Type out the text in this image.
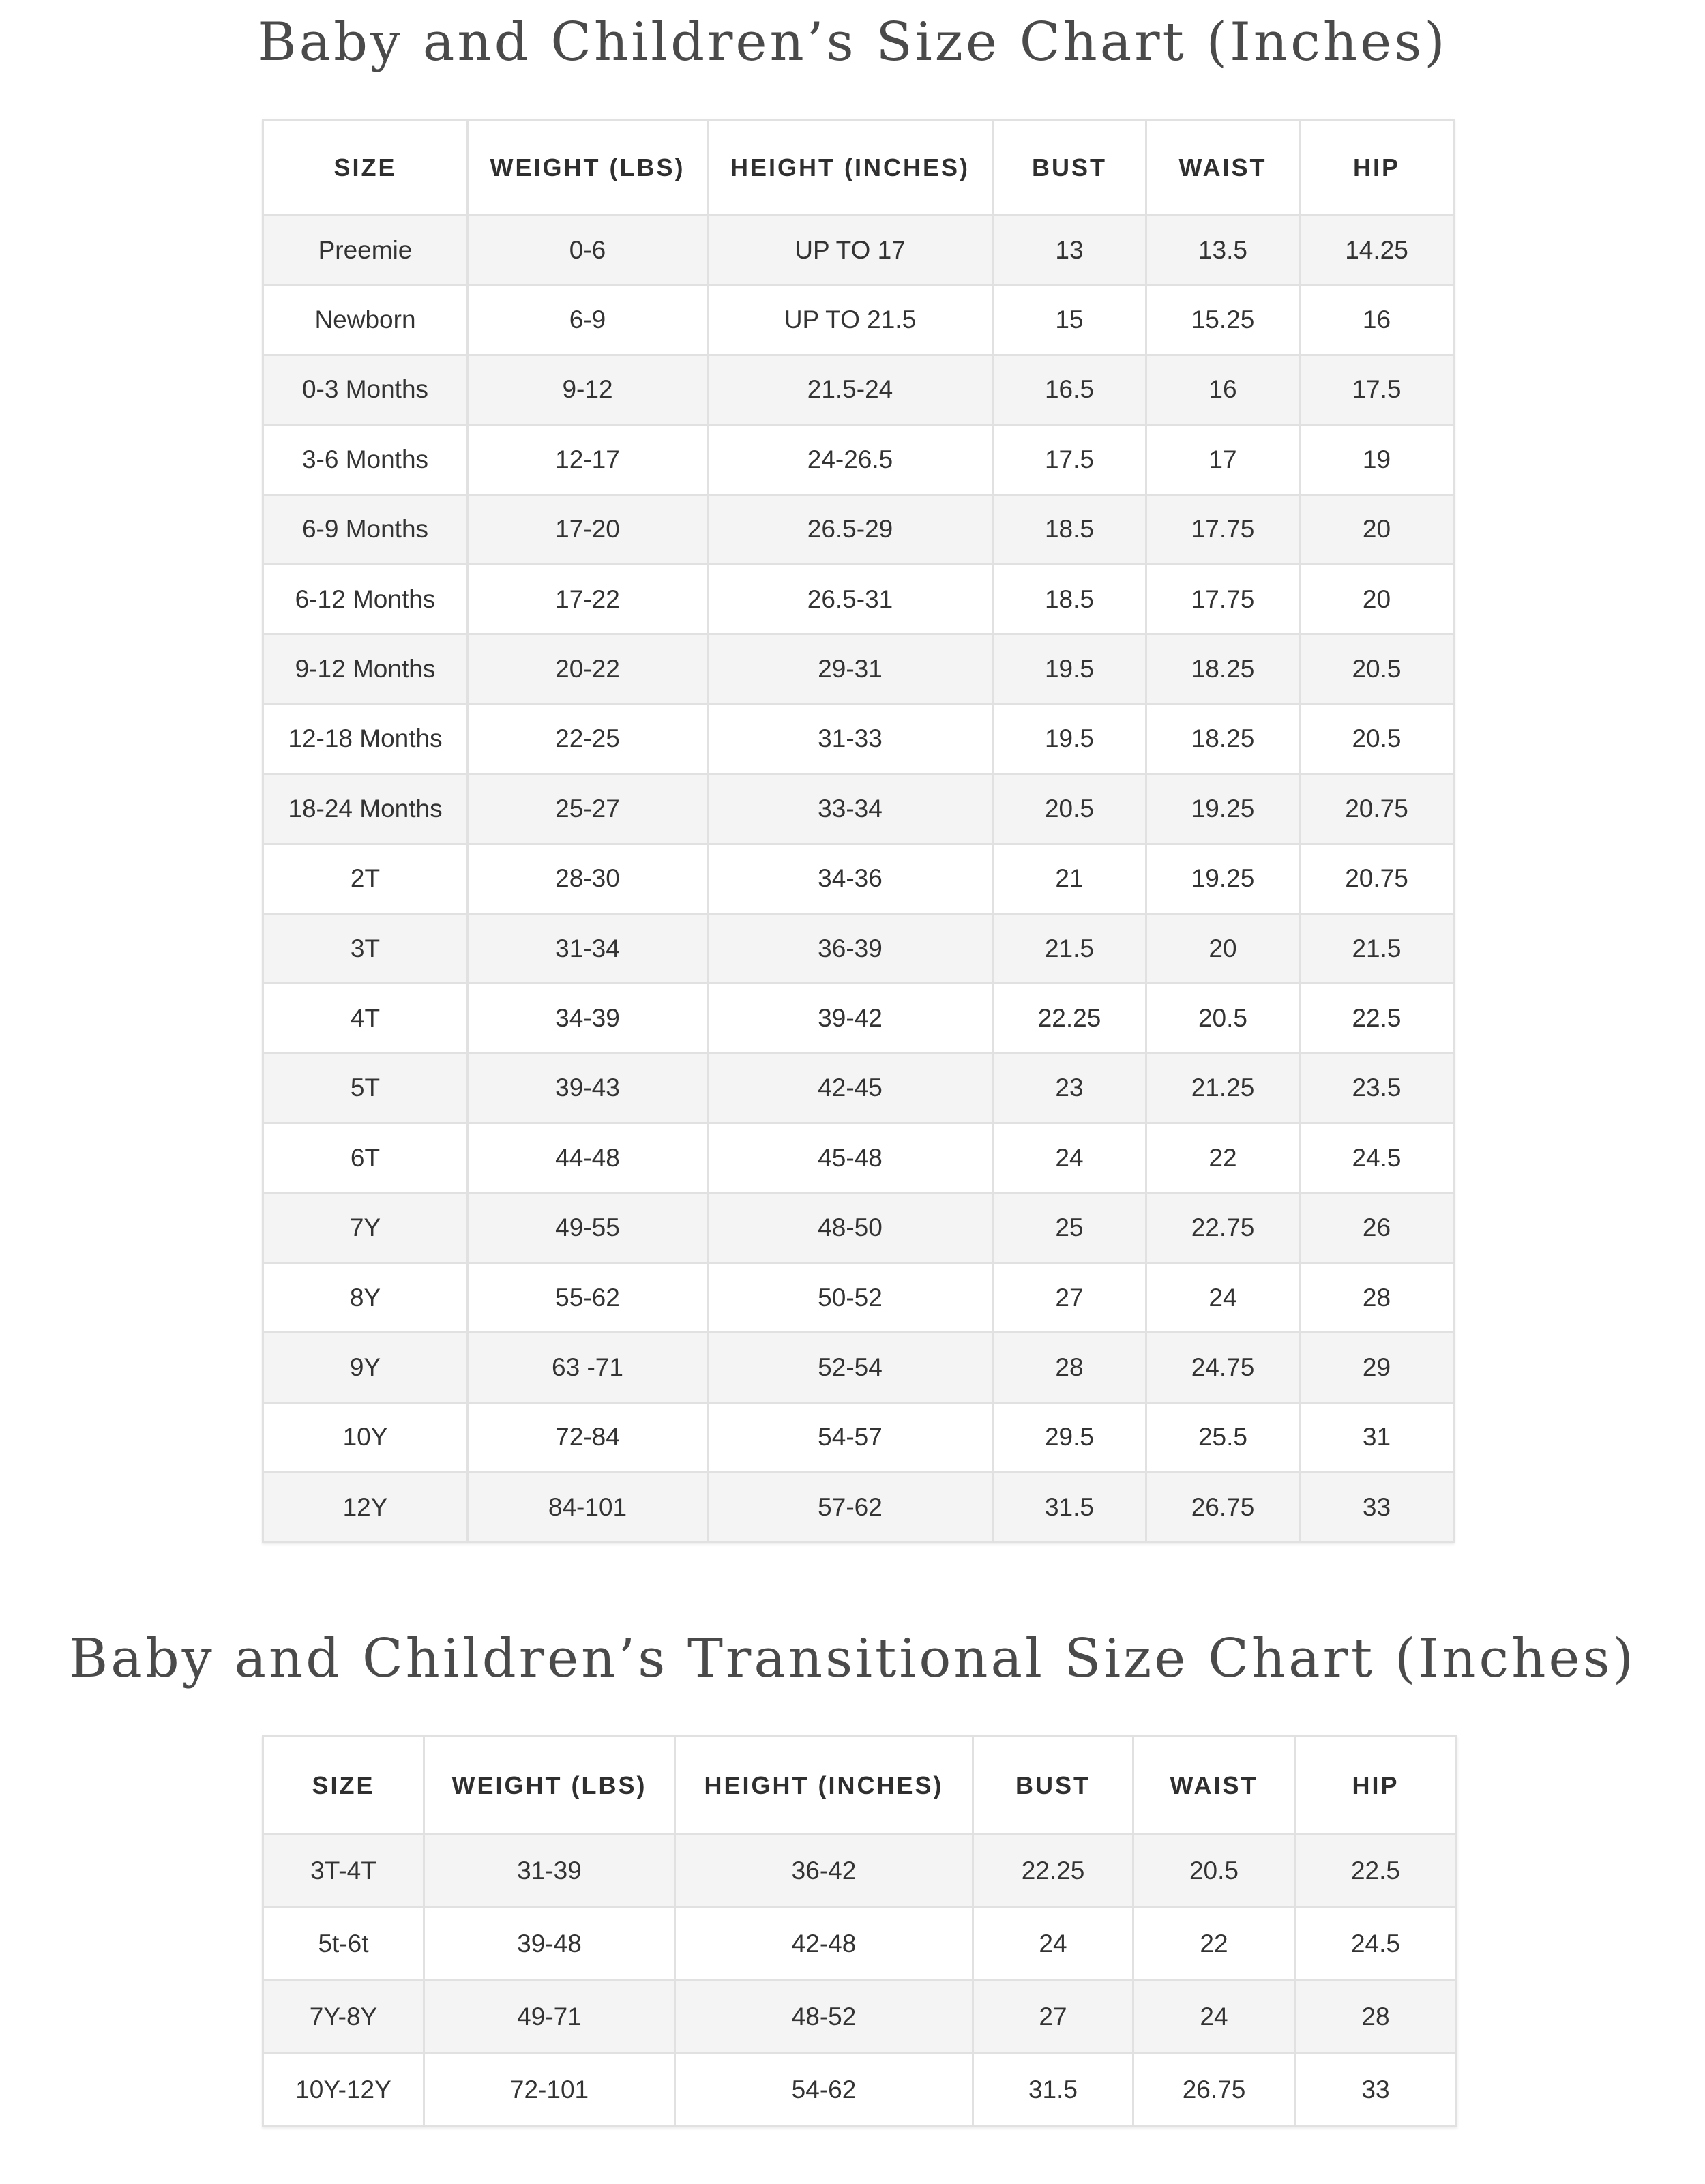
Baby and Children’s Size Chart (Inches)
SIZE	WEIGHT (LBS)	HEIGHT (INCHES)	BUST	WAIST	HIP
Preemie	0-6	UP TO 17	13	13.5	14.25
Newborn	6-9	UP TO 21.5	15	15.25	16
0-3 Months	9-12	21.5-24	16.5	16	17.5
3-6 Months	12-17	24-26.5	17.5	17	19
6-9 Months	17-20	26.5-29	18.5	17.75	20
6-12 Months	17-22	26.5-31	18.5	17.75	20
9-12 Months	20-22	29-31	19.5	18.25	20.5
12-18 Months	22-25	31-33	19.5	18.25	20.5
18-24 Months	25-27	33-34	20.5	19.25	20.75
2T	28-30	34-36	21	19.25	20.75
3T	31-34	36-39	21.5	20	21.5
4T	34-39	39-42	22.25	20.5	22.5
5T	39-43	42-45	23	21.25	23.5
6T	44-48	45-48	24	22	24.5
7Y	49-55	48-50	25	22.75	26
8Y	55-62	50-52	27	24	28
9Y	63 -71	52-54	28	24.75	29
10Y	72-84	54-57	29.5	25.5	31
12Y	84-101	57-62	31.5	26.75	33
Baby and Children’s Transitional Size Chart (Inches)
SIZE	WEIGHT (LBS)	HEIGHT (INCHES)	BUST	WAIST	HIP
3T-4T	31-39	36-42	22.25	20.5	22.5
5t-6t	39-48	42-48	24	22	24.5
7Y-8Y	49-71	48-52	27	24	28
10Y-12Y	72-101	54-62	31.5	26.75	33
